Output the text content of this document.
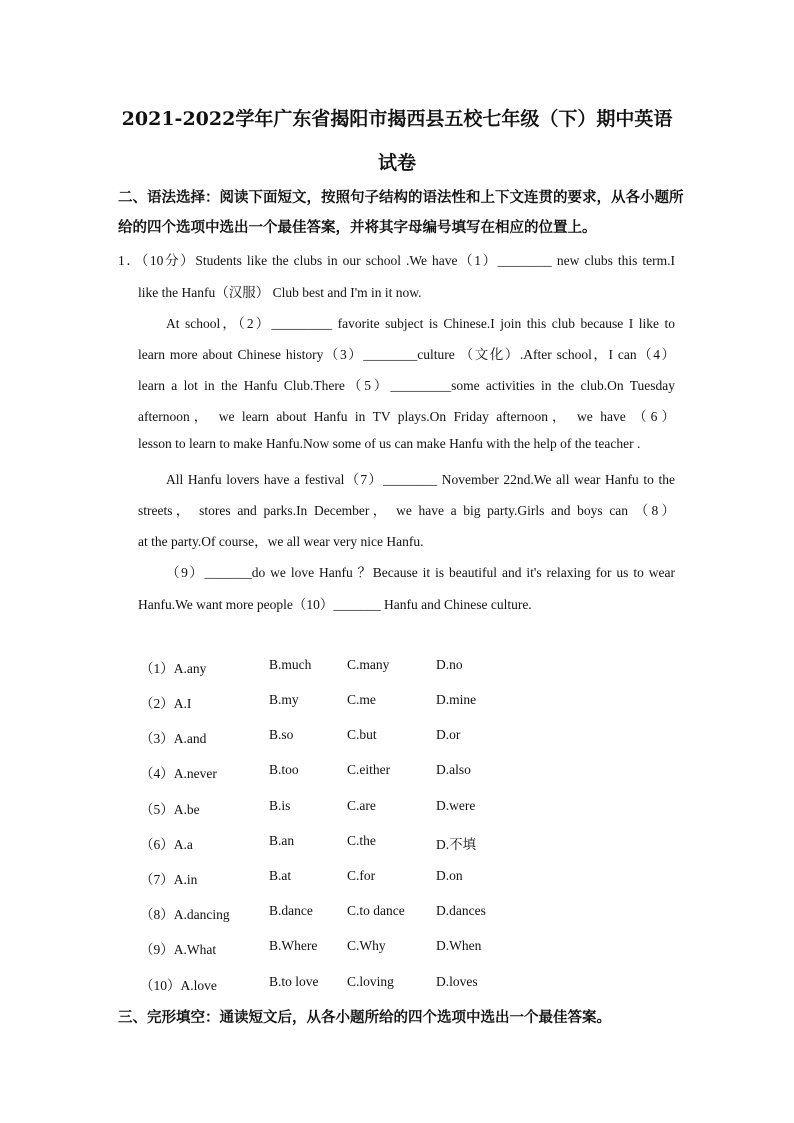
2021-2022学年广东省揭阳市揭西县五校七年级（下）期中英语
试卷
二、语法选择：阅读下面短文，按照句子结构的语法性和上下文连贯的要求，从各小题所
给的四个选项中选出一个最佳答案，并将其字母编号填写在相应的位置上。
1．（10分）Students like the clubs in our school .We have（1）________ new clubs this term.I
like the Hanfu（汉服） Club best and I'm in it now.
At school，（2）_________ favorite subject is Chinese.I join this club because I like to
learn more about Chinese history（3）________culture （文化）.After school，I can（4）
learn a lot in the Hanfu Club.There（5）_________some activities in the club.On Tuesday
afternoon， we learn about Hanfu in TV plays.On Friday afternoon， we have （6）
lesson to learn to make Hanfu.Now some of us can make Hanfu with the help of the teacher .
All Hanfu lovers have a festival（7）________ November 22nd.We all wear Hanfu to the
streets， stores and parks.In December， we have a big party.Girls and boys can （8）
at the party.Of course，we all wear very nice Hanfu.
（9）_______do we love Hanfu ？Because it is beautiful and it's relaxing for us to wear
Hanfu.We want more people（10）_______ Hanfu and Chinese culture.
（1）A.any	B.much	C.many	D.no
（2）A.I	B.my	C.me	D.mine
（3）A.and	B.so	C.but	D.or
（4）A.never	B.too	C.either	D.also
（5）A.be	B.is	C.are	D.were
（6）A.a	B.an	C.the	D.不填
（7）A.in	B.at	C.for	D.on
（8）A.dancing	B.dance	C.to dance D.dances
（9）A.What	B.Where C.Why	D.When
（10）A.love	B.to love C.loving	D.loves
三、完形填空：通读短文后，从各小题所给的四个选项中选出一个最佳答案。
